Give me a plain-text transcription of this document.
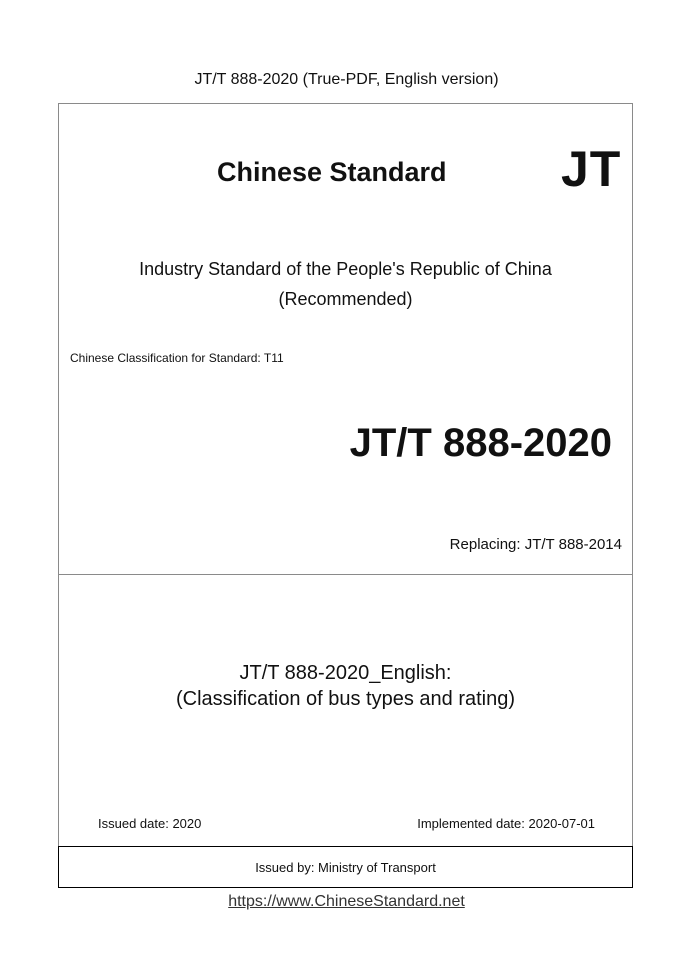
JT/T 888-2020 (True-PDF, English version)
Issued by: Ministry of Transport
Chinese Standard JT
Industry Standard of the People's Republic of China
(Recommended)
Chinese Classification for Standard: T11
JT/T 888-2020
Replacing: JT/T 888-2014
JT/T 888-2020_English:
(Classification of bus types and rating)
Issued date: 2020	Implemented date: 2020-07-01
https://www.ChineseStandard.net
